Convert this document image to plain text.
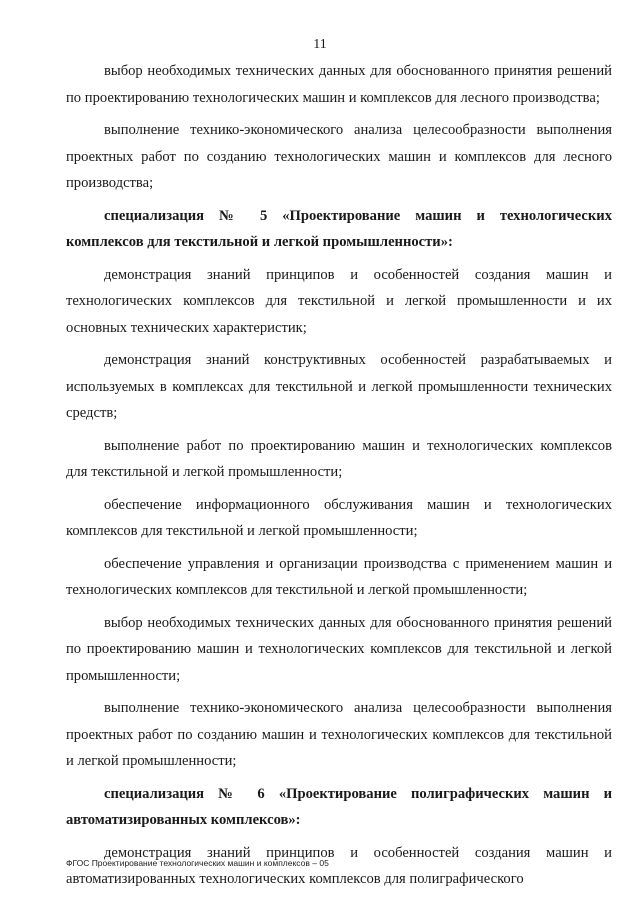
11

выбор необходимых технических данных для обоснованного принятия решений по проектированию технологических машин и комплексов для лесного производства;

выполнение технико-экономического анализа целесообразности выполнения проектных работ по созданию технологических машин и комплексов для лесного производства;

специализация № 5 «Проектирование машин и технологических комплексов для текстильной и легкой промышленности»:

демонстрация знаний принципов и особенностей создания машин и технологических комплексов для текстильной и легкой промышленности и их основных технических характеристик;

демонстрация знаний конструктивных особенностей разрабатываемых и используемых в комплексах для текстильной и легкой промышленности технических средств;

выполнение работ по проектированию машин и технологических комплексов для текстильной и легкой промышленности;

обеспечение информационного обслуживания машин и технологических комплексов для текстильной и легкой промышленности;

обеспечение управления и организации производства с применением машин и технологических комплексов для текстильной и легкой промышленности;

выбор необходимых технических данных для обоснованного принятия решений по проектированию машин и технологических комплексов для текстильной и легкой промышленности;

выполнение технико-экономического анализа целесообразности выполнения проектных работ по созданию машин и технологических комплексов для текстильной и легкой промышленности;

специализация № 6 «Проектирование полиграфических машин и автоматизированных комплексов»:

демонстрация знаний принципов и особенностей создания машин и автоматизированных технологических комплексов для полиграфического

ФГОС Проектирование технологических машин и комплексов – 05
